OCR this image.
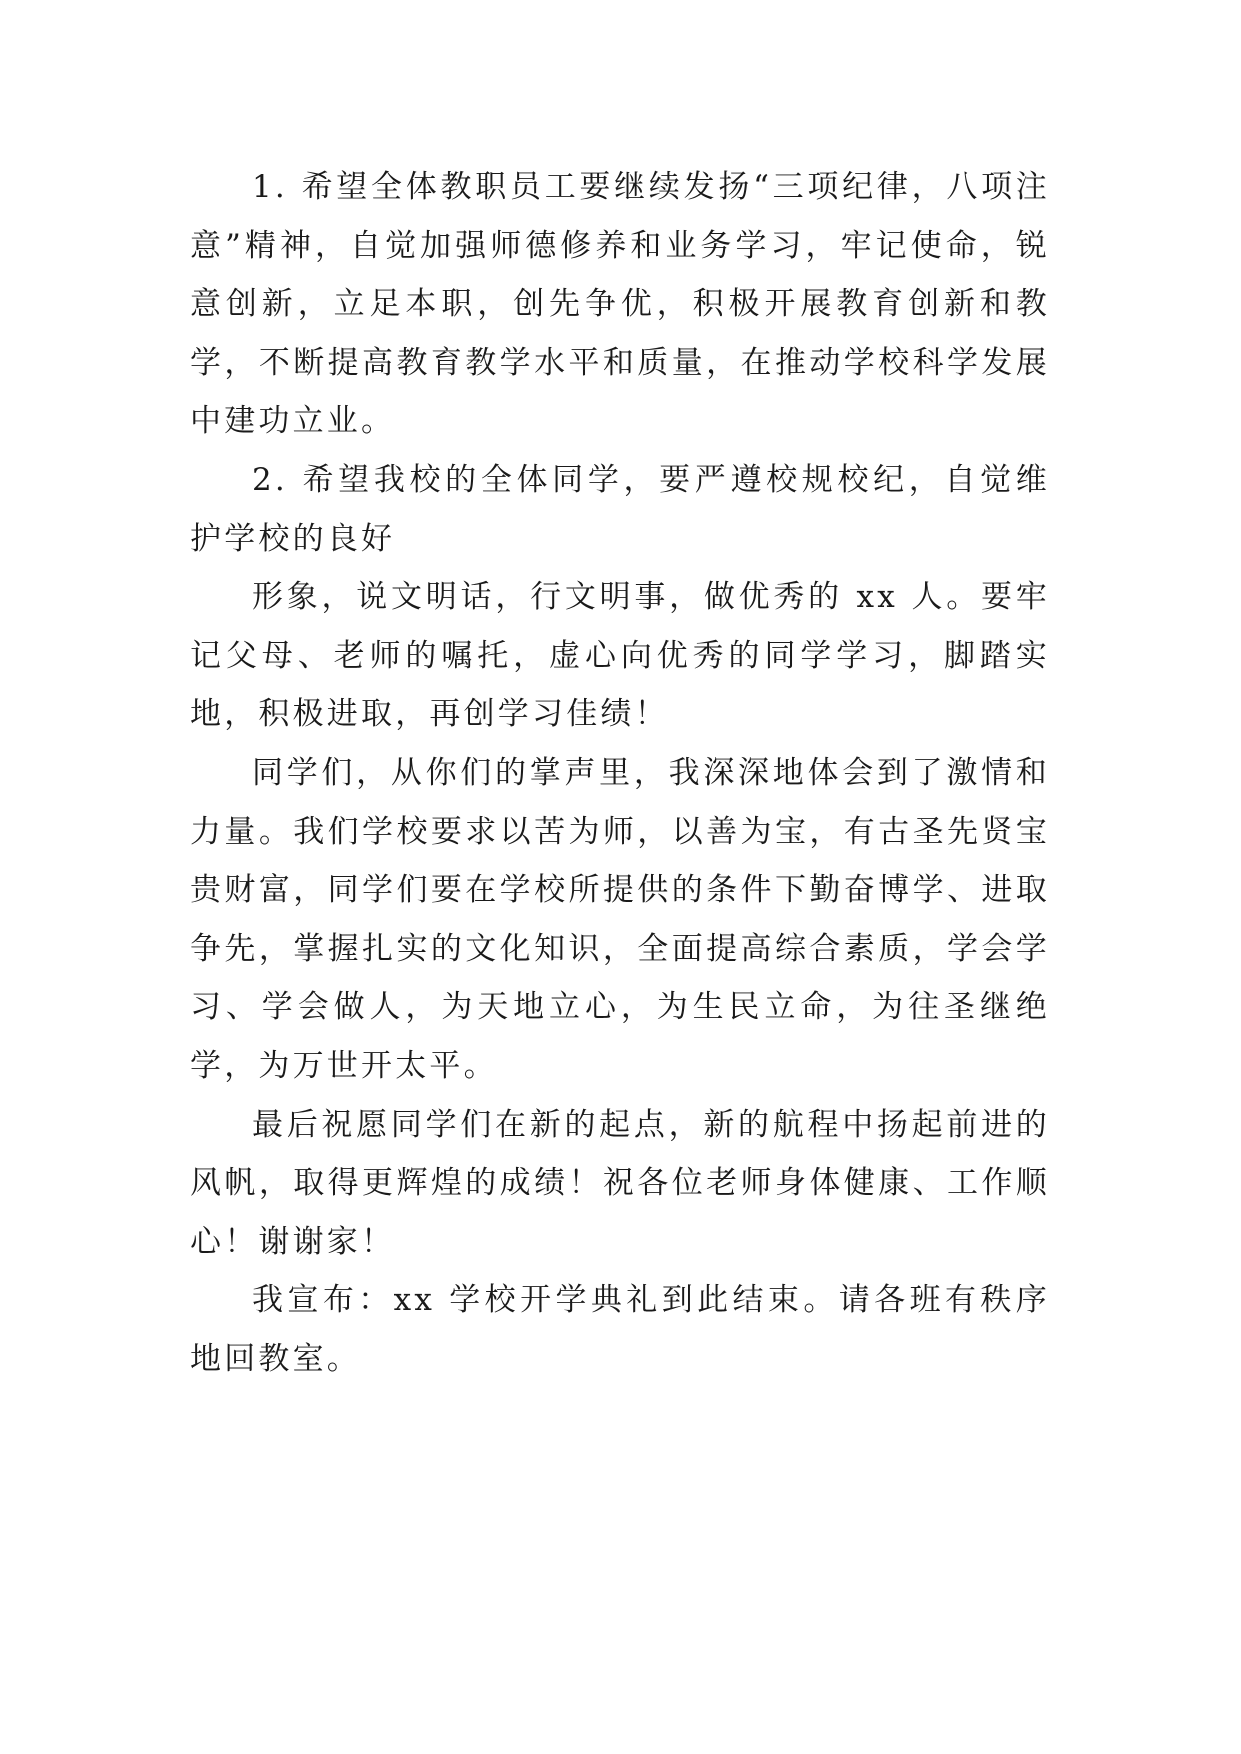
1. 希望全体教职员工要继续发扬“三项纪律，八项注意”精神，自觉加强师德修养和业务学习，牢记使命，锐意创新，立足本职，创先争优，积极开展教育创新和教学，不断提高教育教学水平和质量，在推动学校科学发展中建功立业。

2. 希望我校的全体同学，要严遵校规校纪，自觉维护学校的良好

形象，说文明话，行文明事，做优秀的 xx 人。要牢记父母、老师的嘱托，虚心向优秀的同学学习，脚踏实地，积极进取，再创学习佳绩！

同学们，从你们的掌声里，我深深地体会到了激情和力量。我们学校要求以苦为师，以善为宝，有古圣先贤宝贵财富，同学们要在学校所提供的条件下勤奋博学、进取争先，掌握扎实的文化知识，全面提高综合素质，学会学习、学会做人，为天地立心，为生民立命，为往圣继绝学，为万世开太平。

最后祝愿同学们在新的起点，新的航程中扬起前进的风帆，取得更辉煌的成绩！祝各位老师身体健康、工作顺心！谢谢家！

我宣布：xx 学校开学典礼到此结束。请各班有秩序地回教室。
